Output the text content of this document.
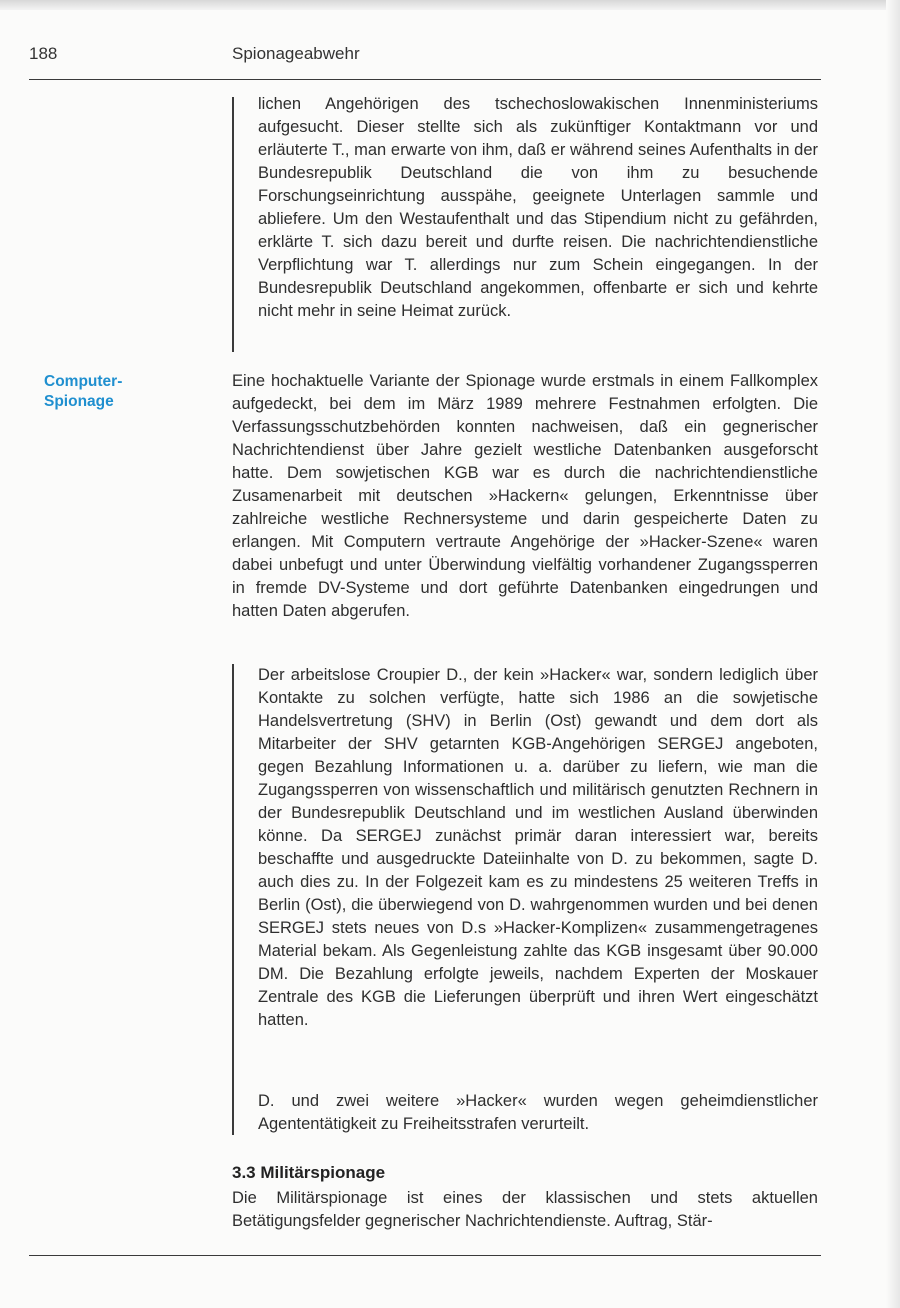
188	Spionageabwehr

lichen Angehörigen des tschechoslowakischen Innenministeriums aufgesucht. Dieser stellte sich als zukünftiger Kontaktmann vor und erläuterte T., man erwarte von ihm, daß er während seines Aufenthalts in der Bundesrepublik Deutschland die von ihm zu besuchende Forschungseinrichtung ausspähe, geeignete Unterlagen sammle und abliefere. Um den Westaufenthalt und das Stipendium nicht zu gefährden, erklärte T. sich dazu bereit und durfte reisen. Die nachrichtendienstliche Verpflichtung war T. allerdings nur zum Schein eingegangen. In der Bundesrepublik Deutschland angekommen, offenbarte er sich und kehrte nicht mehr in seine Heimat zurück.

Computer-
Spionage

Eine hochaktuelle Variante der Spionage wurde erstmals in einem Fallkomplex aufgedeckt, bei dem im März 1989 mehrere Festnahmen erfolgten. Die Verfassungsschutzbehörden konnten nachweisen, daß ein gegnerischer Nachrichtendienst über Jahre gezielt westliche Datenbanken ausgeforscht hatte. Dem sowjetischen KGB war es durch die nachrichtendienstliche Zusamenarbeit mit deutschen »Hackern« gelungen, Erkenntnisse über zahlreiche westliche Rechnersysteme und darin gespeicherte Daten zu erlangen. Mit Computern vertraute Angehörige der »Hacker-Szene« waren dabei unbefugt und unter Überwindung vielfältig vorhandener Zugangssperren in fremde DV-Systeme und dort geführte Datenbanken eingedrungen und hatten Daten abgerufen.

Der arbeitslose Croupier D., der kein »Hacker« war, sondern lediglich über Kontakte zu solchen verfügte, hatte sich 1986 an die sowjetische Handelsvertretung (SHV) in Berlin (Ost) gewandt und dem dort als Mitarbeiter der SHV getarnten KGB-Angehörigen SERGEJ angeboten, gegen Bezahlung Informationen u. a. darüber zu liefern, wie man die Zugangssperren von wissenschaftlich und militärisch genutzten Rechnern in der Bundesrepublik Deutschland und im westlichen Ausland überwinden könne. Da SERGEJ zunächst primär daran interessiert war, bereits beschaffte und ausgedruckte Dateiinhalte von D. zu bekommen, sagte D. auch dies zu. In der Folgezeit kam es zu mindestens 25 weiteren Treffs in Berlin (Ost), die überwiegend von D. wahrgenommen wurden und bei denen SERGEJ stets neues von D.s »Hacker-Komplizen« zusammengetragenes Material bekam. Als Gegenleistung zahlte das KGB insgesamt über 90.000 DM. Die Bezahlung erfolgte jeweils, nachdem Experten der Moskauer Zentrale des KGB die Lieferungen überprüft und ihren Wert eingeschätzt hatten.

D. und zwei weitere »Hacker« wurden wegen geheimdienstlicher Agententätigkeit zu Freiheitsstrafen verurteilt.

3.3 Militärspionage

Die Militärspionage ist eines der klassischen und stets aktuellen Betätigungsfelder gegnerischer Nachrichtendienste. Auftrag, Stär-
